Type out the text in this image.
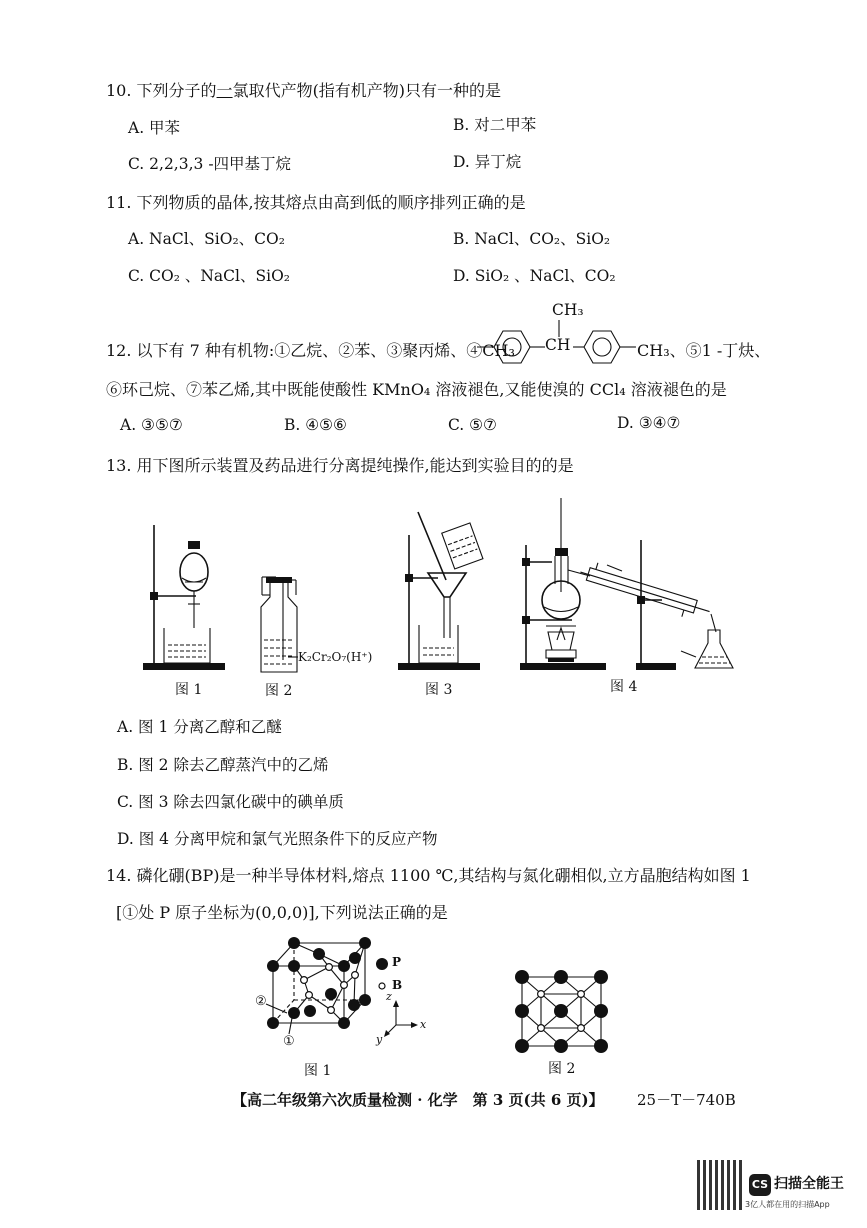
10. 下列分子的一氯取代产物(指有机产物)只有一种的是
A. 甲苯	B. 对二甲苯
C. 2,2,3,3 -四甲基丁烷	D. 异丁烷
11. 下列物质的晶体,按其熔点由高到低的顺序排列正确的是
A. NaCl、SiO₂、CO₂	B. NaCl、CO₂、SiO₂
C. CO₂ 、NaCl、SiO₂	D. SiO₂ 、NaCl、CO₂
12. 以下有 7 种有机物:①乙烷、②苯、③聚丙烯、④CH₃
CH₃
CH	CH₃、⑤1 -丁炔、
⑥环己烷、⑦苯乙烯,其中既能使酸性 KMnO₄ 溶液褪色,又能使溴的 CCl₄ 溶液褪色的是
A. ③⑤⑦	B. ④⑤⑥	C. ⑤⑦	D. ③④⑦
13. 用下图所示装置及药品进行分离提纯操作,能达到实验目的的是
K₂Cr₂O₇(H⁺)
图 1	图 2	图 3	图 4
A. 图 1 分离乙醇和乙醚
B. 图 2 除去乙醇蒸汽中的乙烯
C. 图 3 除去四氯化碳中的碘单质
D. 图 4 分离甲烷和氯气光照条件下的反应产物
14. 磷化硼(BP)是一种半导体材料,熔点 1100 ℃,其结构与氮化硼相似,立方晶胞结构如图 1
[①处 P 原子坐标为(0,0,0)],下列说法正确的是
P
B
②
①
z
x
y
图 1	图 2
【高二年级第六次质量检测 · 化学　第 3 页(共 6 页)】 25－T－740B
CS 扫描全能王
3亿人都在用的扫描App
